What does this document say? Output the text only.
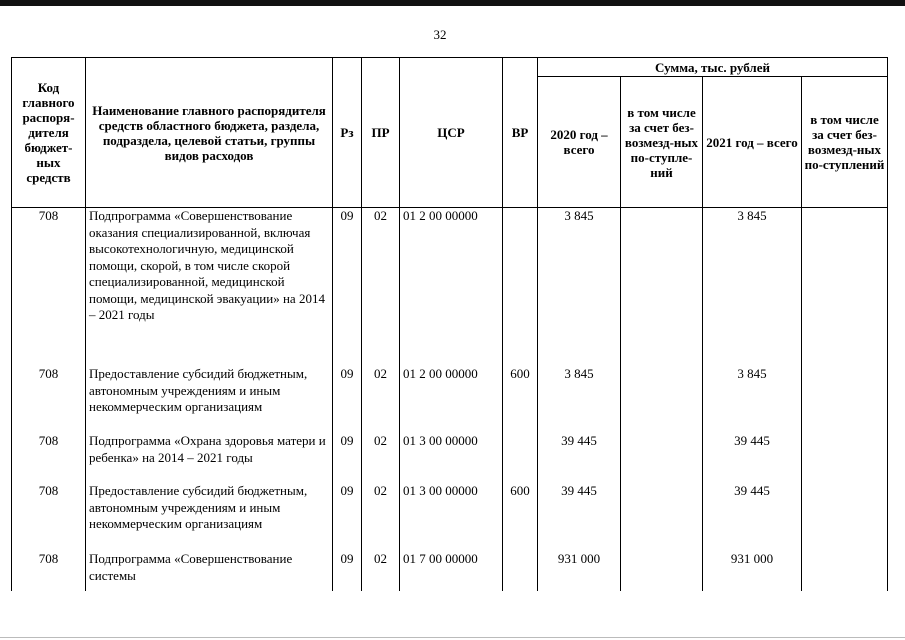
32
Код главного распоря-дителя бюджет-ных средств	Наименование главного распорядителя средств областного бюджета, раздела, подраздела, целевой статьи, группы видов расходов	Рз	ПР	ЦСР	ВР	Сумма, тыс. рублей			
						2020 год – всего	в том числе за счет без-возмезд-ных по-ступле-ний	2021 год – всего	в том числе за счет без-возмезд-ных по-ступлений
708	Подпрограмма «Совершенствование оказания специализированной, включая высокотехнологичную, медицинской помощи, скорой, в том числе скорой специализированной, медицинской помощи, медицинской эвакуации» на 2014 – 2021 годы	09	02	01 2 00 00000		3 845		3 845	
708	Предоставление субсидий бюджетным, автономным учреждениям и иным некоммерческим организациям	09	02	01 2 00 00000	600	3 845		3 845	
708	Подпрограмма «Охрана здоровья матери и ребенка» на 2014 – 2021 годы	09	02	01 3 00 00000		39 445		39 445	
708	Предоставление субсидий бюджетным, автономным учреждениям и иным некоммерческим организациям	09	02	01 3 00 00000	600	39 445		39 445	
708	Подпрограмма «Совершенствование системы	09	02	01 7 00 00000		931 000		931 000	
